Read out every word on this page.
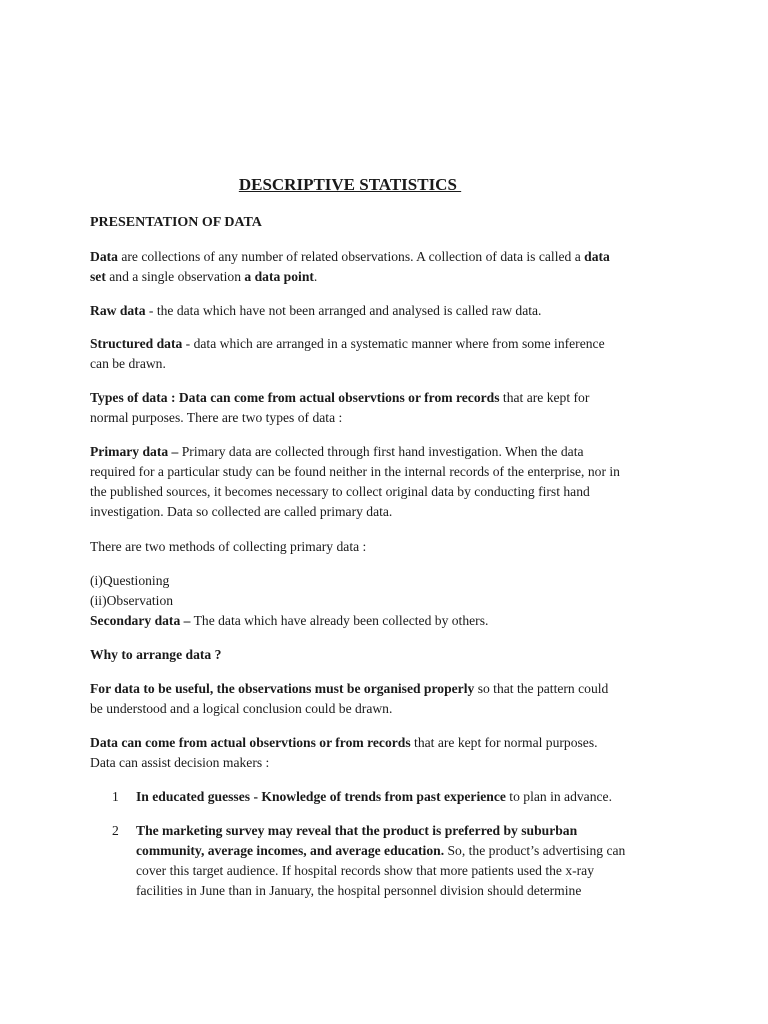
DESCRIPTIVE STATISTICS
PRESENTATION OF DATA

Data are collections of any number of related observations. A collection of data is called a data
set and a single observation a data point.

Raw data - the data which have not been arranged and analysed is called raw data.

Structured data - data which are arranged in a systematic manner where from some inference
can be drawn.

Types of data : Data can come from actual observtions or from records that are kept for
normal purposes. There are two types of data :

Primary data – Primary data are collected through first hand investigation. When the data
required for a particular study can be found neither in the internal records of the enterprise, nor in
the published sources, it becomes necessary to collect original data by conducting first hand
investigation. Data so collected are called primary data.

There are two methods of collecting primary data :

(i)Questioning
(ii)Observation
Secondary data – The data which have already been collected by others.

Why to arrange data ?

For data to be useful, the observations must be organised properly so that the pattern could
be understood and a logical conclusion could be drawn.

Data can come from actual observtions or from records that are kept for normal purposes.
Data can assist decision makers :

1 In educated guesses - Knowledge of trends from past experience to plan in advance.
2 The marketing survey may reveal that the product is preferred by suburban
community, average incomes, and average education. So, the product’s advertising can
cover this target audience. If hospital records show that more patients used the x-ray
facilities in June than in January, the hospital personnel division should determine
